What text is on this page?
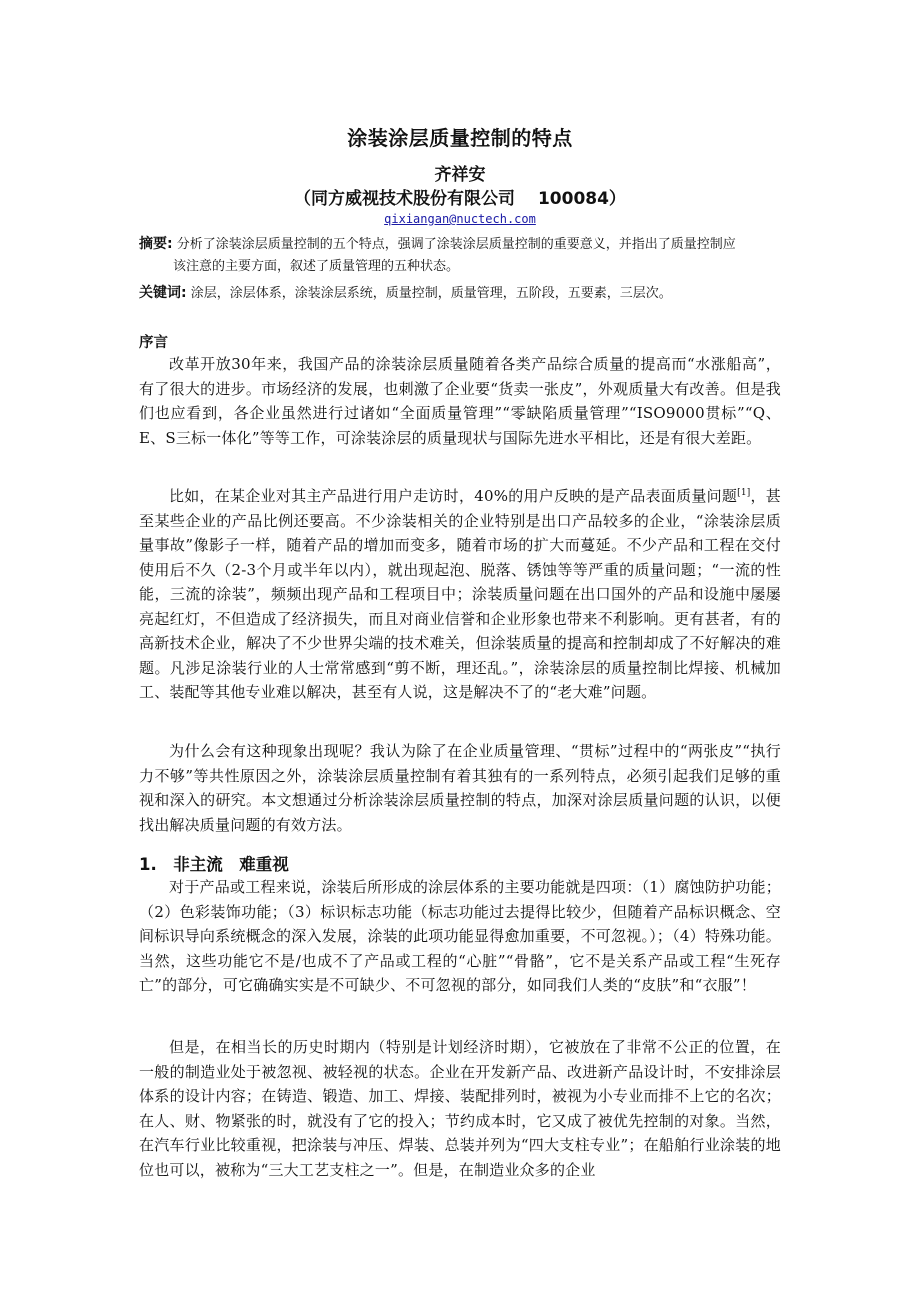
涂装涂层质量控制的特点
齐祥安
（同方威视技术股份有限公司　 100084）
qixiangan@nuctech.com
摘要: 分析了涂装涂层质量控制的五个特点，强调了涂装涂层质量控制的重要意义，并指出了质量控制应
该注意的主要方面，叙述了质量管理的五种状态。
关键词: 涂层，涂层体系，涂装涂层系统，质量控制，质量管理，五阶段，五要素，三层次。
序言

改革开放30年来，我国产品的涂装涂层质量随着各类产品综合质量的提高而“水涨船高”，有了很大的进步。市场经济的发展，也刺激了企业要“货卖一张皮”，外观质量大有改善。但是我们也应看到，各企业虽然进行过诸如“全面质量管理”“零缺陷质量管理”“ISO9000贯标”“Q、E、S三标一体化”等等工作，可涂装涂层的质量现状与国际先进水平相比，还是有很大差距。

比如，在某企业对其主产品进行用户走访时，40%的用户反映的是产品表面质量问题[1]，甚至某些企业的产品比例还要高。不少涂装相关的企业特别是出口产品较多的企业，“涂装涂层质量事故”像影子一样，随着产品的增加而变多，随着市场的扩大而蔓延。不少产品和工程在交付使用后不久（2-3个月或半年以内），就出现起泡、脱落、锈蚀等等严重的质量问题；“一流的性能，三流的涂装”，频频出现产品和工程项目中；涂装质量问题在出口国外的产品和设施中屡屡亮起红灯，不但造成了经济损失，而且对商业信誉和企业形象也带来不利影响。更有甚者，有的高新技术企业，解决了不少世界尖端的技术难关，但涂装质量的提高和控制却成了不好解决的难题。凡涉足涂装行业的人士常常感到“剪不断，理还乱。”，涂装涂层的质量控制比焊接、机械加工、装配等其他专业难以解决，甚至有人说，这是解决不了的“老大难”问题。

为什么会有这种现象出现呢？我认为除了在企业质量管理、“贯标”过程中的“两张皮”“执行力不够”等共性原因之外，涂装涂层质量控制有着其独有的一系列特点，必须引起我们足够的重视和深入的研究。本文想通过分析涂装涂层质量控制的特点，加深对涂层质量问题的认识，以便找出解决质量问题的有效方法。

1.　非主流　难重视

对于产品或工程来说，涂装后所形成的涂层体系的主要功能就是四项：（1）腐蚀防护功能；（2）色彩装饰功能；（3）标识标志功能（标志功能过去提得比较少，但随着产品标识概念、空间标识导向系统概念的深入发展，涂装的此项功能显得愈加重要，不可忽视。）；（4）特殊功能。当然，这些功能它不是/也成不了产品或工程的“心脏”“骨骼”，它不是关系产品或工程“生死存亡”的部分，可它确确实实是不可缺少、不可忽视的部分，如同我们人类的“皮肤”和“衣服”！

但是，在相当长的历史时期内（特别是计划经济时期），它被放在了非常不公正的位置，在一般的制造业处于被忽视、被轻视的状态。企业在开发新产品、改进新产品设计时，不安排涂层体系的设计内容；在铸造、锻造、加工、焊接、装配排列时，被视为小专业而排不上它的名次；在人、财、物紧张的时，就没有了它的投入；节约成本时，它又成了被优先控制的对象。当然，在汽车行业比较重视，把涂装与冲压、焊装、总装并列为“四大支柱专业”；在船舶行业涂装的地位也可以，被称为“三大工艺支柱之一”。但是，在制造业众多的企业
